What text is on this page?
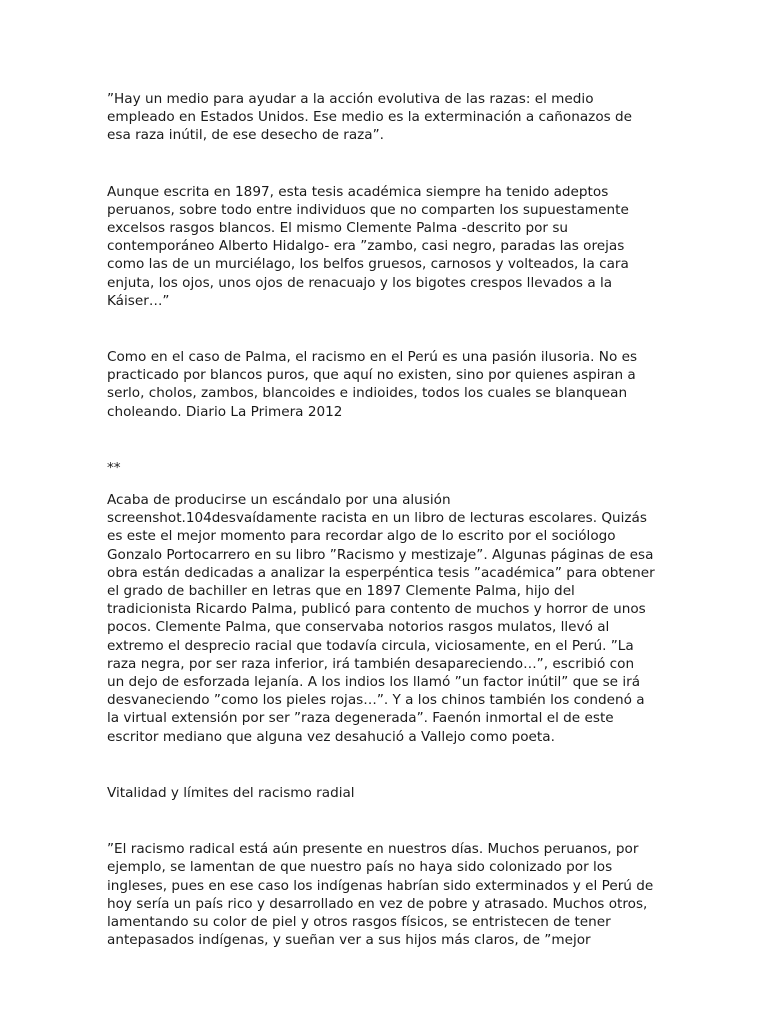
”Hay un medio para ayudar a la acción evolutiva de las razas: el medio empleado en Estados Unidos. Ese medio es la exterminación a cañonazos de esa raza inútil, de ese desecho de raza”.

Aunque escrita en 1897, esta tesis académica siempre ha tenido adeptos peruanos, sobre todo entre individuos que no comparten los supuestamente excelsos rasgos blancos. El mismo Clemente Palma -descrito por su contemporáneo Alberto Hidalgo- era ”zambo, casi negro, paradas las orejas como las de un murciélago, los belfos gruesos, carnosos y volteados, la cara enjuta, los ojos, unos ojos de renacuajo y los bigotes crespos llevados a la Káiser…”

Como en el caso de Palma, el racismo en el Perú es una pasión ilusoria. No es practicado por blancos puros, que aquí no existen, sino por quienes aspiran a serlo, cholos, zambos, blancoides e indioides, todos los cuales se blanquean choleando. Diario La Primera 2012

**

Acaba de producirse un escándalo por una alusión screenshot.104desvaídamente racista en un libro de lecturas escolares. Quizás es este el mejor momento para recordar algo de lo escrito por el sociólogo Gonzalo Portocarrero en su libro ”Racismo y mestizaje”. Algunas páginas de esa obra están dedicadas a analizar la esperpéntica tesis ”académica” para obtener el grado de bachiller en letras que en 1897 Clemente Palma, hijo del tradicionista Ricardo Palma, publicó para contento de muchos y horror de unos pocos. Clemente Palma, que conservaba notorios rasgos mulatos, llevó al extremo el desprecio racial que todavía circula, viciosamente, en el Perú. ”La raza negra, por ser raza inferior, irá también desapareciendo…”, escribió con un dejo de esforzada lejanía. A los indios los llamó ”un factor inútil” que se irá desvaneciendo ”como los pieles rojas…”. Y a los chinos también los condenó a la virtual extensión por ser ”raza degenerada”. Faenón inmortal el de este escritor mediano que alguna vez desahució a Vallejo como poeta.

Vitalidad y límites del racismo radial

”El racismo radical está aún presente en nuestros días. Muchos peruanos, por ejemplo, se lamentan de que nuestro país no haya sido colonizado por los ingleses, pues en ese caso los indígenas habrían sido exterminados y el Perú de hoy sería un país rico y desarrollado en vez de pobre y atrasado. Muchos otros, lamentando su color de piel y otros rasgos físicos, se entristecen de tener antepasados indígenas, y sueñan ver a sus hijos más claros, de ”mejor
